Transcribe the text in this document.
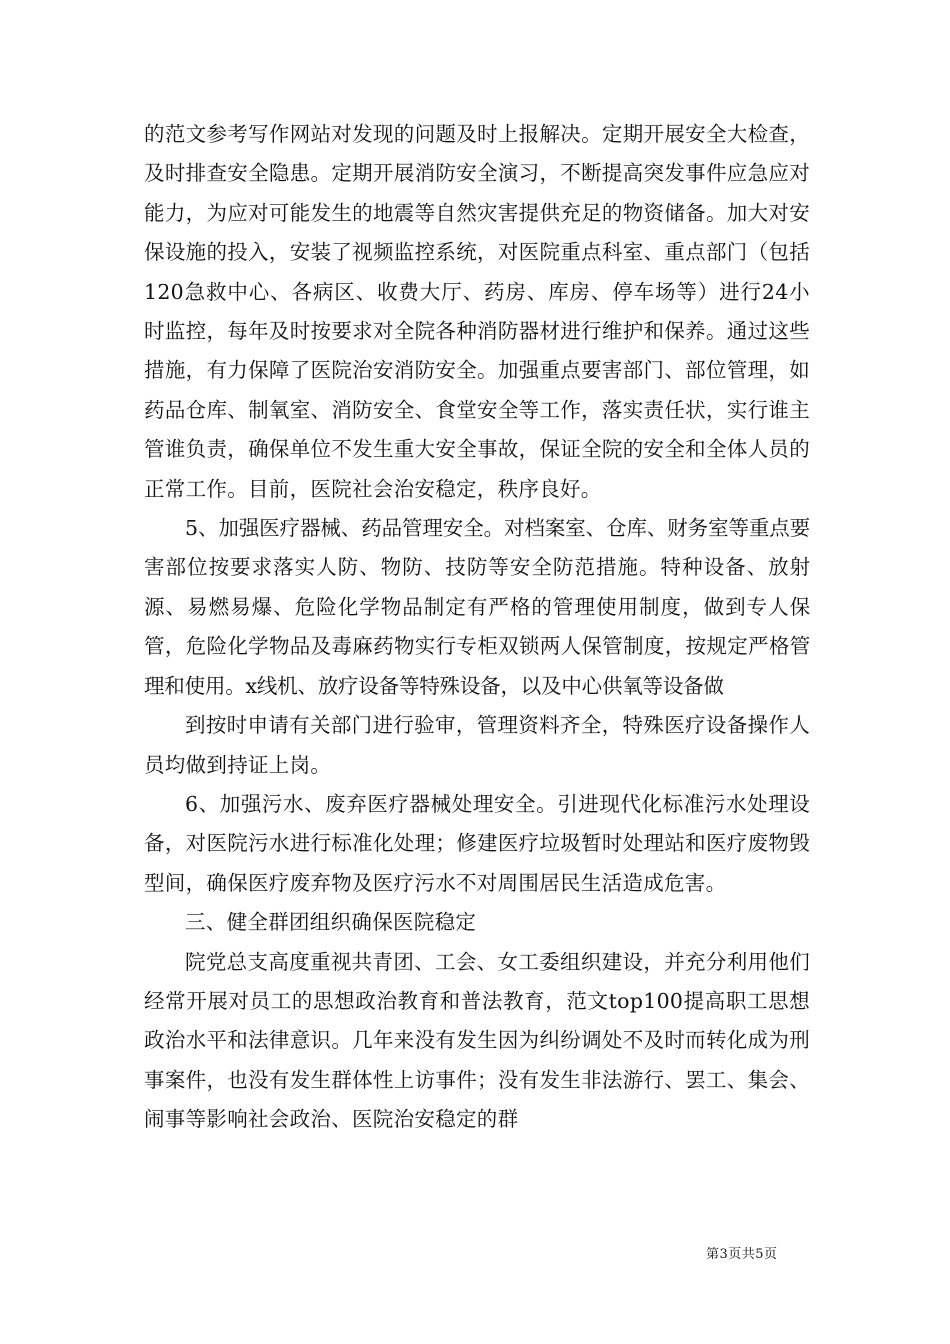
的范文参考写作网站对发现的问题及时上报解决。定期开展安全大检查，及时排查安全隐患。定期开展消防安全演习，不断提高突发事件应急应对能力，为应对可能发生的地震等自然灾害提供充足的物资储备。加大对安保设施的投入，安装了视频监控系统，对医院重点科室、重点部门（包括120急救中心、各病区、收费大厅、药房、库房、停车场等）进行24小时监控，每年及时按要求对全院各种消防器材进行维护和保养。通过这些措施，有力保障了医院治安消防安全。加强重点要害部门、部位管理，如药品仓库、制氧室、消防安全、食堂安全等工作，落实责任状，实行谁主管谁负责，确保单位不发生重大安全事故，保证全院的安全和全体人员的正常工作。目前，医院社会治安稳定，秩序良好。

5、加强医疗器械、药品管理安全。对档案室、仓库、财务室等重点要害部位按要求落实人防、物防、技防等安全防范措施。特种设备、放射源、易燃易爆、危险化学物品制定有严格的管理使用制度，做到专人保管，危险化学物品及毒麻药物实行专柜双锁两人保管制度，按规定严格管理和使用。x线机、放疗设备等特殊设备，以及中心供氧等设备做

到按时申请有关部门进行验审，管理资料齐全，特殊医疗设备操作人员均做到持证上岗。

6、加强污水、废弃医疗器械处理安全。引进现代化标准污水处理设备，对医院污水进行标准化处理；修建医疗垃圾暂时处理站和医疗废物毁型间，确保医疗废弃物及医疗污水不对周围居民生活造成危害。

三、健全群团组织确保医院稳定

院党总支高度重视共青团、工会、女工委组织建设，并充分利用他们经常开展对员工的思想政治教育和普法教育，范文top100提高职工思想政治水平和法律意识。几年来没有发生因为纠纷调处不及时而转化成为刑事案件，也没有发生群体性上访事件；没有发生非法游行、罢工、集会、闹事等影响社会政治、医院治安稳定的群

第3页共5页
